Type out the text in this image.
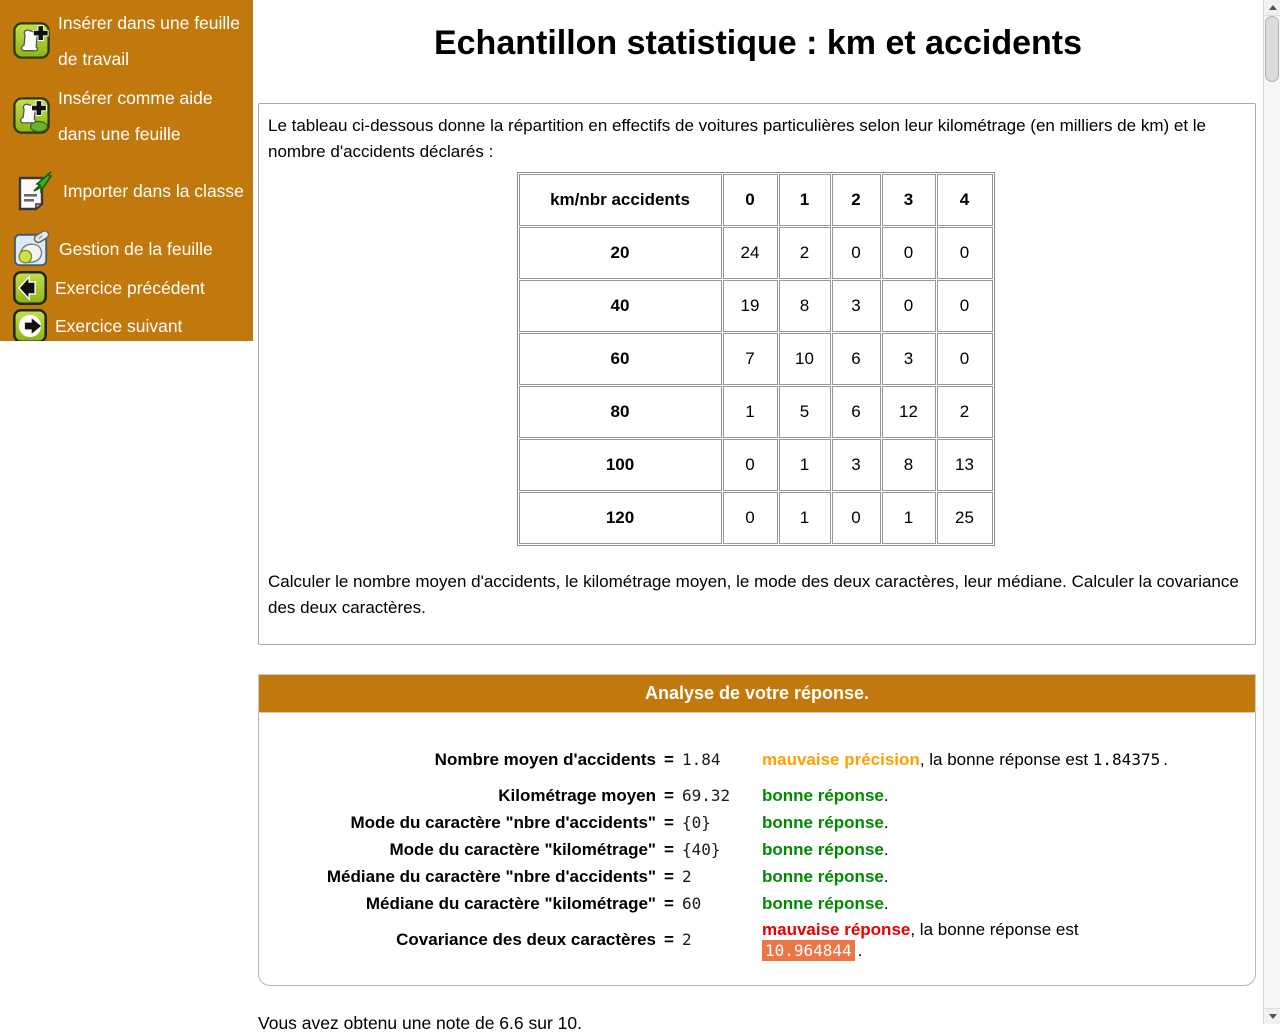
Insérer dans une feuille de travail
Insérer comme aide dans une feuille
Importer dans la classe
Gestion de la feuille
Exercice précédent
Exercice suivant
Echantillon statistique : km et accidents
Le tableau ci-dessous donne la répartition en effectifs de voitures particulières selon leur kilométrage (en milliers de km) et le nombre d'accidents déclarés :
km/nbr accidents	0	1	2	3	4
20	24	2	0	0	0
40	19	8	3	0	0
60	7	10	6	3	0
80	1	5	6	12	2
100	0	1	3	8	13
120	0	1	0	1	25
Calculer le nombre moyen d'accidents, le kilométrage moyen, le mode des deux caractères, leur médiane. Calculer la covariance des deux caractères.
Analyse de votre réponse.
Nombre moyen d'accidents	=	1.84	mauvaise précision, la bonne réponse est 1.84375 .
Kilométrage moyen	=	69.32	bonne réponse.
Mode du caractère "nbre d'accidents"	=	{0}	bonne réponse.
Mode du caractère "kilométrage"	=	{40}	bonne réponse.
Médiane du caractère "nbre d'accidents"	=	2	bonne réponse.
Médiane du caractère "kilométrage"	=	60	bonne réponse.
Covariance des deux caractères	=	2	mauvaise réponse, la bonne réponse est 10.964844 .
Vous avez obtenu une note de 6.6 sur 10.
